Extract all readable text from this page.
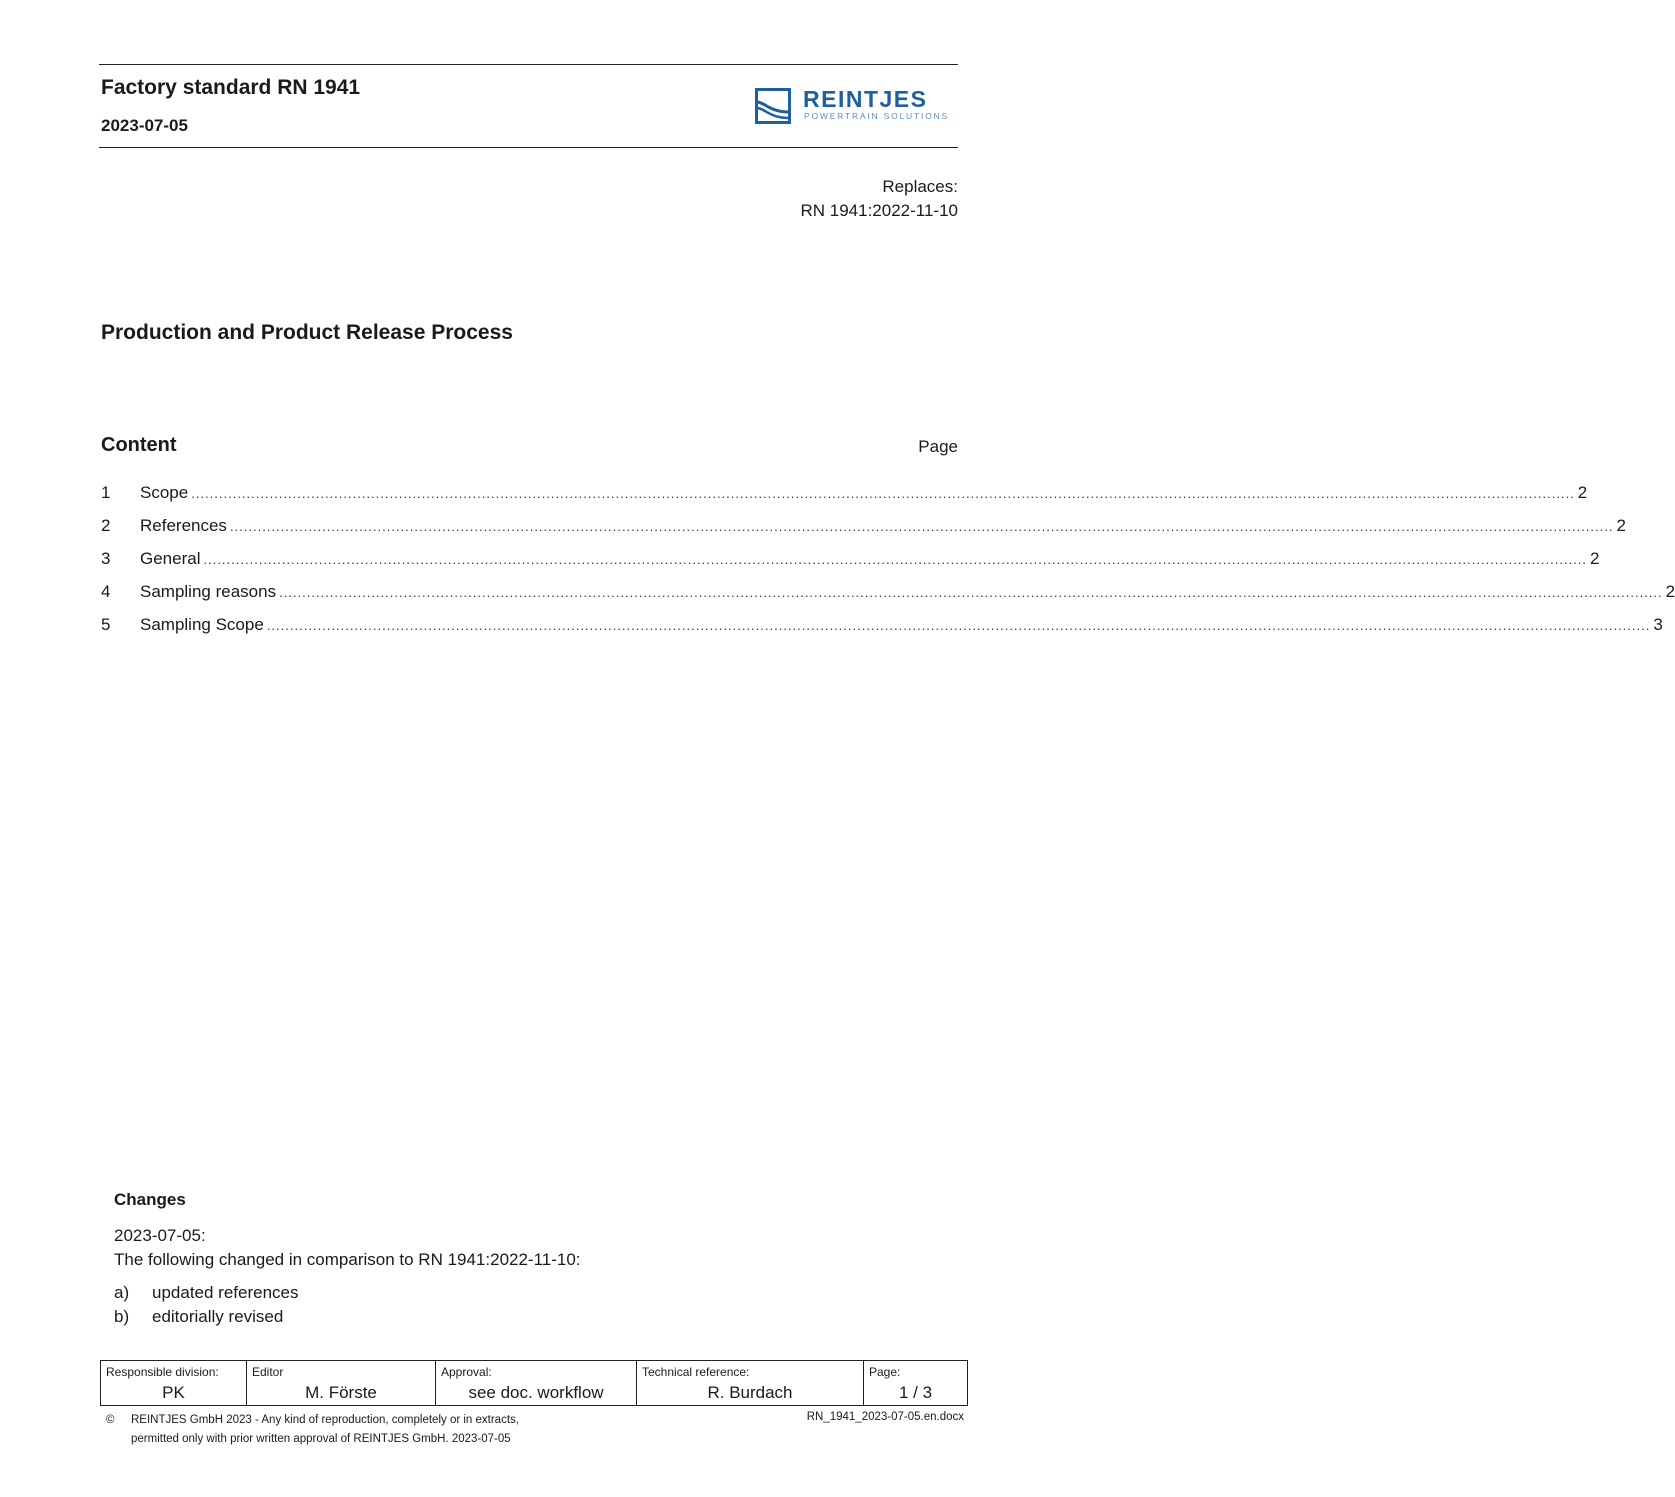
Factory standard RN 1941
2023-07-05
REINTJES
POWERTRAIN SOLUTIONS
Replaces:
RN 1941:2022-11-10
Production and Product Release Process
Content	Page
1	Scope ............................................................................................................................................................................................................................................................................................................ 2
2	References ............................................................................................................................................................................................................................................................................................................ 2
3	General ............................................................................................................................................................................................................................................................................................................ 2
4	Sampling reasons ............................................................................................................................................................................................................................................................................................................ 2
5	Sampling Scope ............................................................................................................................................................................................................................................................................................................ 3
Changes
2023-07-05:
The following changed in comparison to RN 1941:2022-11-10:
a)	updated references
b)	editorially revised
Responsible division:
PK
Editor
M. Förste
Approval:
see doc. workflow
Technical reference:
R. Burdach
Page:
1 / 3
© REINTJES GmbH 2023 - Any kind of reproduction, completely or in extracts,
permitted only with prior written approval of REINTJES GmbH. 2023-07-05
RN_1941_2023-07-05.en.docx
